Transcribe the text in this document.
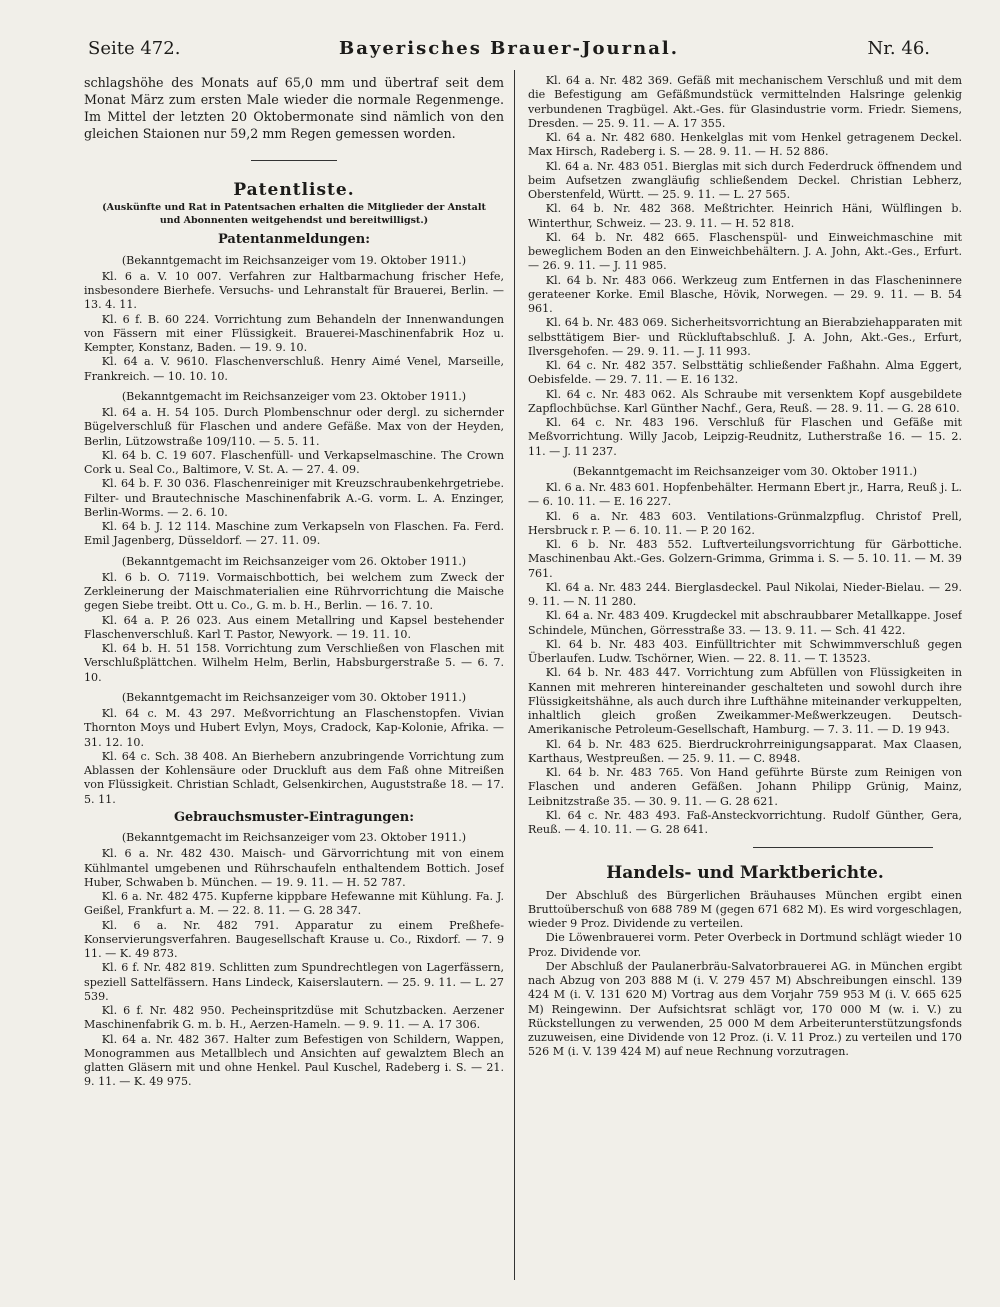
Seite 472.	Bayerisches Brauer-Journal.	Nr. 46.

schlagshöhe des Monats auf 65,0 mm und übertraf seit dem Monat März zum ersten Male wieder die normale Regenmenge. Im Mittel der letzten 20 Oktobermonate sind nämlich von den gleichen Staionen nur 59,2 mm Regen gemessen worden.

Patentliste.
(Auskünfte und Rat in Patentsachen erhalten die Mitglieder der Anstalt und Abonnenten weitgehendst und bereitwilligst.)
Patentanmeldungen:

(Bekanntgemacht im Reichsanzeiger vom 19. Oktober 1911.)

Kl. 6 a. V. 10 007. Verfahren zur Haltbarmachung frischer Hefe, insbesondere Bierhefe. Versuchs- und Lehranstalt für Brauerei, Berlin. — 13. 4. 11.

Kl. 6 f. B. 60 224. Vorrichtung zum Behandeln der Innenwandungen von Fässern mit einer Flüssigkeit. Brauerei-Maschinenfabrik Hoz u. Kempter, Konstanz, Baden. — 19. 9. 10.

Kl. 64 a. V. 9610. Flaschenverschluß. Henry Aimé Venel, Marseille, Frankreich. — 10. 10. 10.

(Bekanntgemacht im Reichsanzeiger vom 23. Oktober 1911.)

Kl. 64 a. H. 54 105. Durch Plombenschnur oder dergl. zu sichernder Bügelverschluß für Flaschen und andere Gefäße. Max von der Heyden, Berlin, Lützowstraße 109/110. — 5. 5. 11.

Kl. 64 b. C. 19 607. Flaschenfüll- und Verkapselmaschine. The Crown Cork u. Seal Co., Baltimore, V. St. A. — 27. 4. 09.

Kl. 64 b. F. 30 036. Flaschenreiniger mit Kreuzschraubenkehrgetriebe. Filter- und Brautechnische Maschinenfabrik A.-G. vorm. L. A. Enzinger, Berlin-Worms. — 2. 6. 10.

Kl. 64 b. J. 12 114. Maschine zum Verkapseln von Flaschen. Fa. Ferd. Emil Jagenberg, Düsseldorf. — 27. 11. 09.

(Bekanntgemacht im Reichsanzeiger vom 26. Oktober 1911.)

Kl. 6 b. O. 7119. Vormaischbottich, bei welchem zum Zweck der Zerkleinerung der Maischmaterialien eine Rührvorrichtung die Maische gegen Siebe treibt. Ott u. Co., G. m. b. H., Berlin. — 16. 7. 10.

Kl. 64 a. P. 26 023. Aus einem Metallring und Kapsel bestehender Flaschenverschluß. Karl T. Pastor, Newyork. — 19. 11. 10.

Kl. 64 b. H. 51 158. Vorrichtung zum Verschließen von Flaschen mit Verschlußplättchen. Wilhelm Helm, Berlin, Habsburgerstraße 5. — 6. 7. 10.

(Bekanntgemacht im Reichsanzeiger vom 30. Oktober 1911.)

Kl. 64 c. M. 43 297. Meßvorrichtung an Flaschenstopfen. Vivian Thornton Moys und Hubert Evlyn, Moys, Cradock, Kap-Kolonie, Afrika. — 31. 12. 10.

Kl. 64 c. Sch. 38 408. An Bierhebern anzubringende Vorrichtung zum Ablassen der Kohlensäure oder Druckluft aus dem Faß ohne Mitreißen von Flüssigkeit. Christian Schladt, Gelsenkirchen, Auguststraße 18. — 17. 5. 11.

Gebrauchsmuster-Eintragungen:

(Bekanntgemacht im Reichsanzeiger vom 23. Oktober 1911.)

Kl. 6 a. Nr. 482 430. Maisch- und Gärvorrichtung mit von einem Kühlmantel umgebenen und Rührschaufeln enthaltendem Bottich. Josef Huber, Schwaben b. München. — 19. 9. 11. — H. 52 787.

Kl. 6 a. Nr. 482 475. Kupferne kippbare Hefewanne mit Kühlung. Fa. J. Geißel, Frankfurt a. M. — 22. 8. 11. — G. 28 347.

Kl. 6 a. Nr. 482 791. Apparatur zu einem Preßhefe-Konservierungsverfahren. Baugesellschaft Krause u. Co., Rixdorf. — 7. 9 11. — K. 49 873.

Kl. 6 f. Nr. 482 819. Schlitten zum Spundrechtlegen von Lagerfässern, speziell Sattelfässern. Hans Lindeck, Kaiserslautern. — 25. 9. 11. — L. 27 539.

Kl. 6 f. Nr. 482 950. Pecheinspritzdüse mit Schutzbacken. Aerzener Maschinenfabrik G. m. b. H., Aerzen-Hameln. — 9. 9. 11. — A. 17 306.

Kl. 64 a. Nr. 482 367. Halter zum Befestigen von Schildern, Wappen, Monogrammen aus Metallblech und Ansichten auf gewalztem Blech an glatten Gläsern mit und ohne Henkel. Paul Kuschel, Radeberg i. S. — 21. 9. 11. — K. 49 975.

Kl. 64 a. Nr. 482 369. Gefäß mit mechanischem Verschluß und mit dem die Befestigung am Gefäßmundstück vermittelnden Halsringe gelenkig verbundenen Tragbügel. Akt.-Ges. für Glasindustrie vorm. Friedr. Siemens, Dresden. — 25. 9. 11. — A. 17 355.

Kl. 64 a. Nr. 482 680. Henkelglas mit vom Henkel getragenem Deckel. Max Hirsch, Radeberg i. S. — 28. 9. 11. — H. 52 886.

Kl. 64 a. Nr. 483 051. Bierglas mit sich durch Federdruck öffnendem und beim Aufsetzen zwangläufig schließendem Deckel. Christian Lebherz, Oberstenfeld, Württ. — 25. 9. 11. — L. 27 565.

Kl. 64 b. Nr. 482 368. Meßtrichter. Heinrich Häni, Wülflingen b. Winterthur, Schweiz. — 23. 9. 11. — H. 52 818.

Kl. 64 b. Nr. 482 665. Flaschenspül- und Einweichmaschine mit beweglichem Boden an den Einweichbehältern. J. A. John, Akt.-Ges., Erfurt. — 26. 9. 11. — J. 11 985.

Kl. 64 b. Nr. 483 066. Werkzeug zum Entfernen in das Flascheninnere gerateener Korke. Emil Blasche, Hövik, Norwegen. — 29. 9. 11. — B. 54 961.

Kl. 64 b. Nr. 483 069. Sicherheitsvorrichtung an Bierabziehapparaten mit selbsttätigem Bier- und Rückluftabschluß. J. A. John, Akt.-Ges., Erfurt, Ilversgehofen. — 29. 9. 11. — J. 11 993.

Kl. 64 c. Nr. 482 357. Selbsttätig schließender Faßhahn. Alma Eggert, Oebisfelde. — 29. 7. 11. — E. 16 132.

Kl. 64 c. Nr. 483 062. Als Schraube mit versenktem Kopf ausgebildete Zapflochbüchse. Karl Günther Nachf., Gera, Reuß. — 28. 9. 11. — G. 28 610.

Kl. 64 c. Nr. 483 196. Verschluß für Flaschen und Gefäße mit Meßvorrichtung. Willy Jacob, Leipzig-Reudnitz, Lutherstraße 16. — 15. 2. 11. — J. 11 237.

(Bekanntgemacht im Reichsanzeiger vom 30. Oktober 1911.)

Kl. 6 a. Nr. 483 601. Hopfenbehälter. Hermann Ebert jr., Harra, Reuß j. L. — 6. 10. 11. — E. 16 227.

Kl. 6 a. Nr. 483 603. Ventilations-Grünmalzpflug. Christof Prell, Hersbruck r. P. — 6. 10. 11. — P. 20 162.

Kl. 6 b. Nr. 483 552. Luftverteilungsvorrichtung für Gärbottiche. Maschinenbau Akt.-Ges. Golzern-Grimma, Grimma i. S. — 5. 10. 11. — M. 39 761.

Kl. 64 a. Nr. 483 244. Bierglasdeckel. Paul Nikolai, Nieder-Bielau. — 29. 9. 11. — N. 11 280.

Kl. 64 a. Nr. 483 409. Krugdeckel mit abschraubbarer Metallkappe. Josef Schindele, München, Görresstraße 33. — 13. 9. 11. — Sch. 41 422.

Kl. 64 b. Nr. 483 403. Einfülltrichter mit Schwimmverschluß gegen Überlaufen. Ludw. Tschörner, Wien. — 22. 8. 11. — T. 13523.

Kl. 64 b. Nr. 483 447. Vorrichtung zum Abfüllen von Flüssigkeiten in Kannen mit mehreren hintereinander geschalteten und sowohl durch ihre Flüssigkeitshähne, als auch durch ihre Lufthähne miteinander verkuppelten, inhaltlich gleich großen Zweikammer-Meßwerkzeugen. Deutsch-Amerikanische Petroleum-Gesellschaft, Hamburg. — 7. 3. 11. — D. 19 943.

Kl. 64 b. Nr. 483 625. Bierdruckrohrreinigungsapparat. Max Claasen, Karthaus, Westpreußen. — 25. 9. 11. — C. 8948.

Kl. 64 b. Nr. 483 765. Von Hand geführte Bürste zum Reinigen von Flaschen und anderen Gefäßen. Johann Philipp Grünig, Mainz, Leibnitzstraße 35. — 30. 9. 11. — G. 28 621.

Kl. 64 c. Nr. 483 493. Faß-Ansteckvorrichtung. Rudolf Günther, Gera, Reuß. — 4. 10. 11. — G. 28 641.

Handels- und Marktberichte.

Der Abschluß des Bürgerlichen Bräuhauses München ergibt einen Bruttoüberschuß von 688 789 M (gegen 671 682 M). Es wird vorgeschlagen, wieder 9 Proz. Dividende zu verteilen.

Die Löwenbrauerei vorm. Peter Overbeck in Dortmund schlägt wieder 10 Proz. Dividende vor.

Der Abschluß der Paulanerbräu-Salvatorbrauerei AG. in München ergibt nach Abzug von 203 888 M (i. V. 279 457 M) Abschreibungen einschl. 139 424 M (i. V. 131 620 M) Vortrag aus dem Vorjahr 759 953 M (i. V. 665 625 M) Reingewinn. Der Aufsichtsrat schlägt vor, 170 000 M (w. i. V.) zu Rückstellungen zu verwenden, 25 000 M dem Arbeiterunterstützungsfonds zuzuweisen, eine Dividende von 12 Proz. (i. V. 11 Proz.) zu verteilen und 170 526 M (i. V. 139 424 M) auf neue Rechnung vorzutragen.
